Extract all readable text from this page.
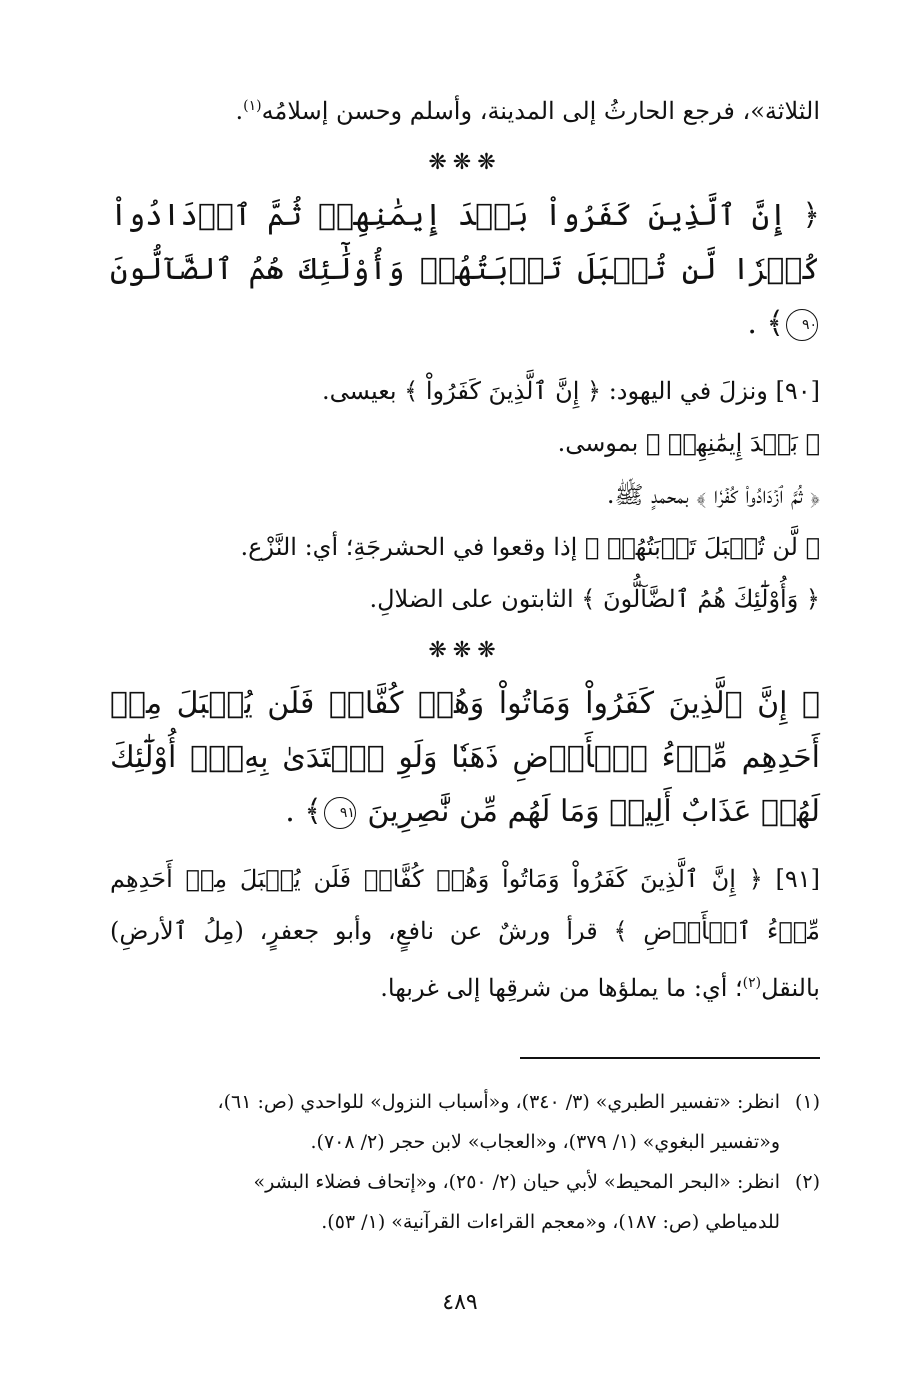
الثلاثة»، فرجع الحارثُ إلى المدينة، وأسلم وحسن إسلامُه$^{(١)}$.

❋❋❋

﴿ إِنَّ ٱلَّذِينَ كَفَرُواْ بَعۡدَ إِيمَٰنِهِمۡ ثُمَّ ٱزۡدَادُواْ كُفۡرٗا لَّن تُقۡبَلَ تَوۡبَتُهُمۡ وَأُوْلَٰٓئِكَ هُمُ ٱلضَّآلُّونَ ٩٠﴾ .

[٩٠] ونزلَ في اليهود: ﴿ إِنَّ ٱلَّذِينَ كَفَرُواْ ﴾ بعيسى.

﴿ بَعۡدَ إِيمَٰنِهِمۡ ﴾ بموسى.

﴿ ثُمَّ ٱزۡدَادُواْ كُفۡرٗا ﴾ بمحمدٍ ﷺ.

﴿ لَّن تُقۡبَلَ تَوۡبَتُهُمۡ ﴾ إذا وقعوا في الحشرجَةِ؛ أي: النَّزْع.

﴿ وَأُوْلَٰٓئِكَ هُمُ ٱلضَّآلُّونَ ﴾ الثابتون على الضلالِ.

❋❋❋

﴿ إِنَّ ٱلَّذِينَ كَفَرُواْ وَمَاتُواْ وَهُمۡ كُفَّارٞ فَلَن يُقۡبَلَ مِنۡ أَحَدِهِم مِّلۡءُ ٱلۡأَرۡضِ ذَهَبٗا وَلَوِ ٱفۡتَدَىٰ بِهِۦٓۗ أُوْلَٰٓئِكَ لَهُمۡ عَذَابٌ أَلِيمٞ وَمَا لَهُم مِّن نَّٰصِرِينَ ٩١﴾ .

[٩١] ﴿ إِنَّ ٱلَّذِينَ كَفَرُواْ وَمَاتُواْ وَهُمۡ كُفَّارٞ فَلَن يُقۡبَلَ مِنۡ أَحَدِهِم مِّلۡءُ ٱلۡأَرۡضِ ﴾ قرأ ورشٌ عن نافعٍ، وأبو جعفرٍ، (مِلُ ٱلأرضِ) بالنقل$^{(٢)}$؛ أي: ما يملؤها من شرقِها إلى غربها.

(١)
انظر: «تفسير الطبري» (٣/ ٣٤٠)، و«أسباب النزول» للواحدي (ص: ٦١)،
و«تفسير البغوي» (١/ ٣٧٩)، و«العجاب» لابن حجر (٢/ ٧٠٨).
(٢)
انظر: «البحر المحيط» لأبي حيان (٢/ ٢٥٠)، و«إتحاف فضلاء البشر»
للدمياطي (ص: ١٨٧)، و«معجم القراءات القرآنية» (١/ ٥٣).
٤٨٩
